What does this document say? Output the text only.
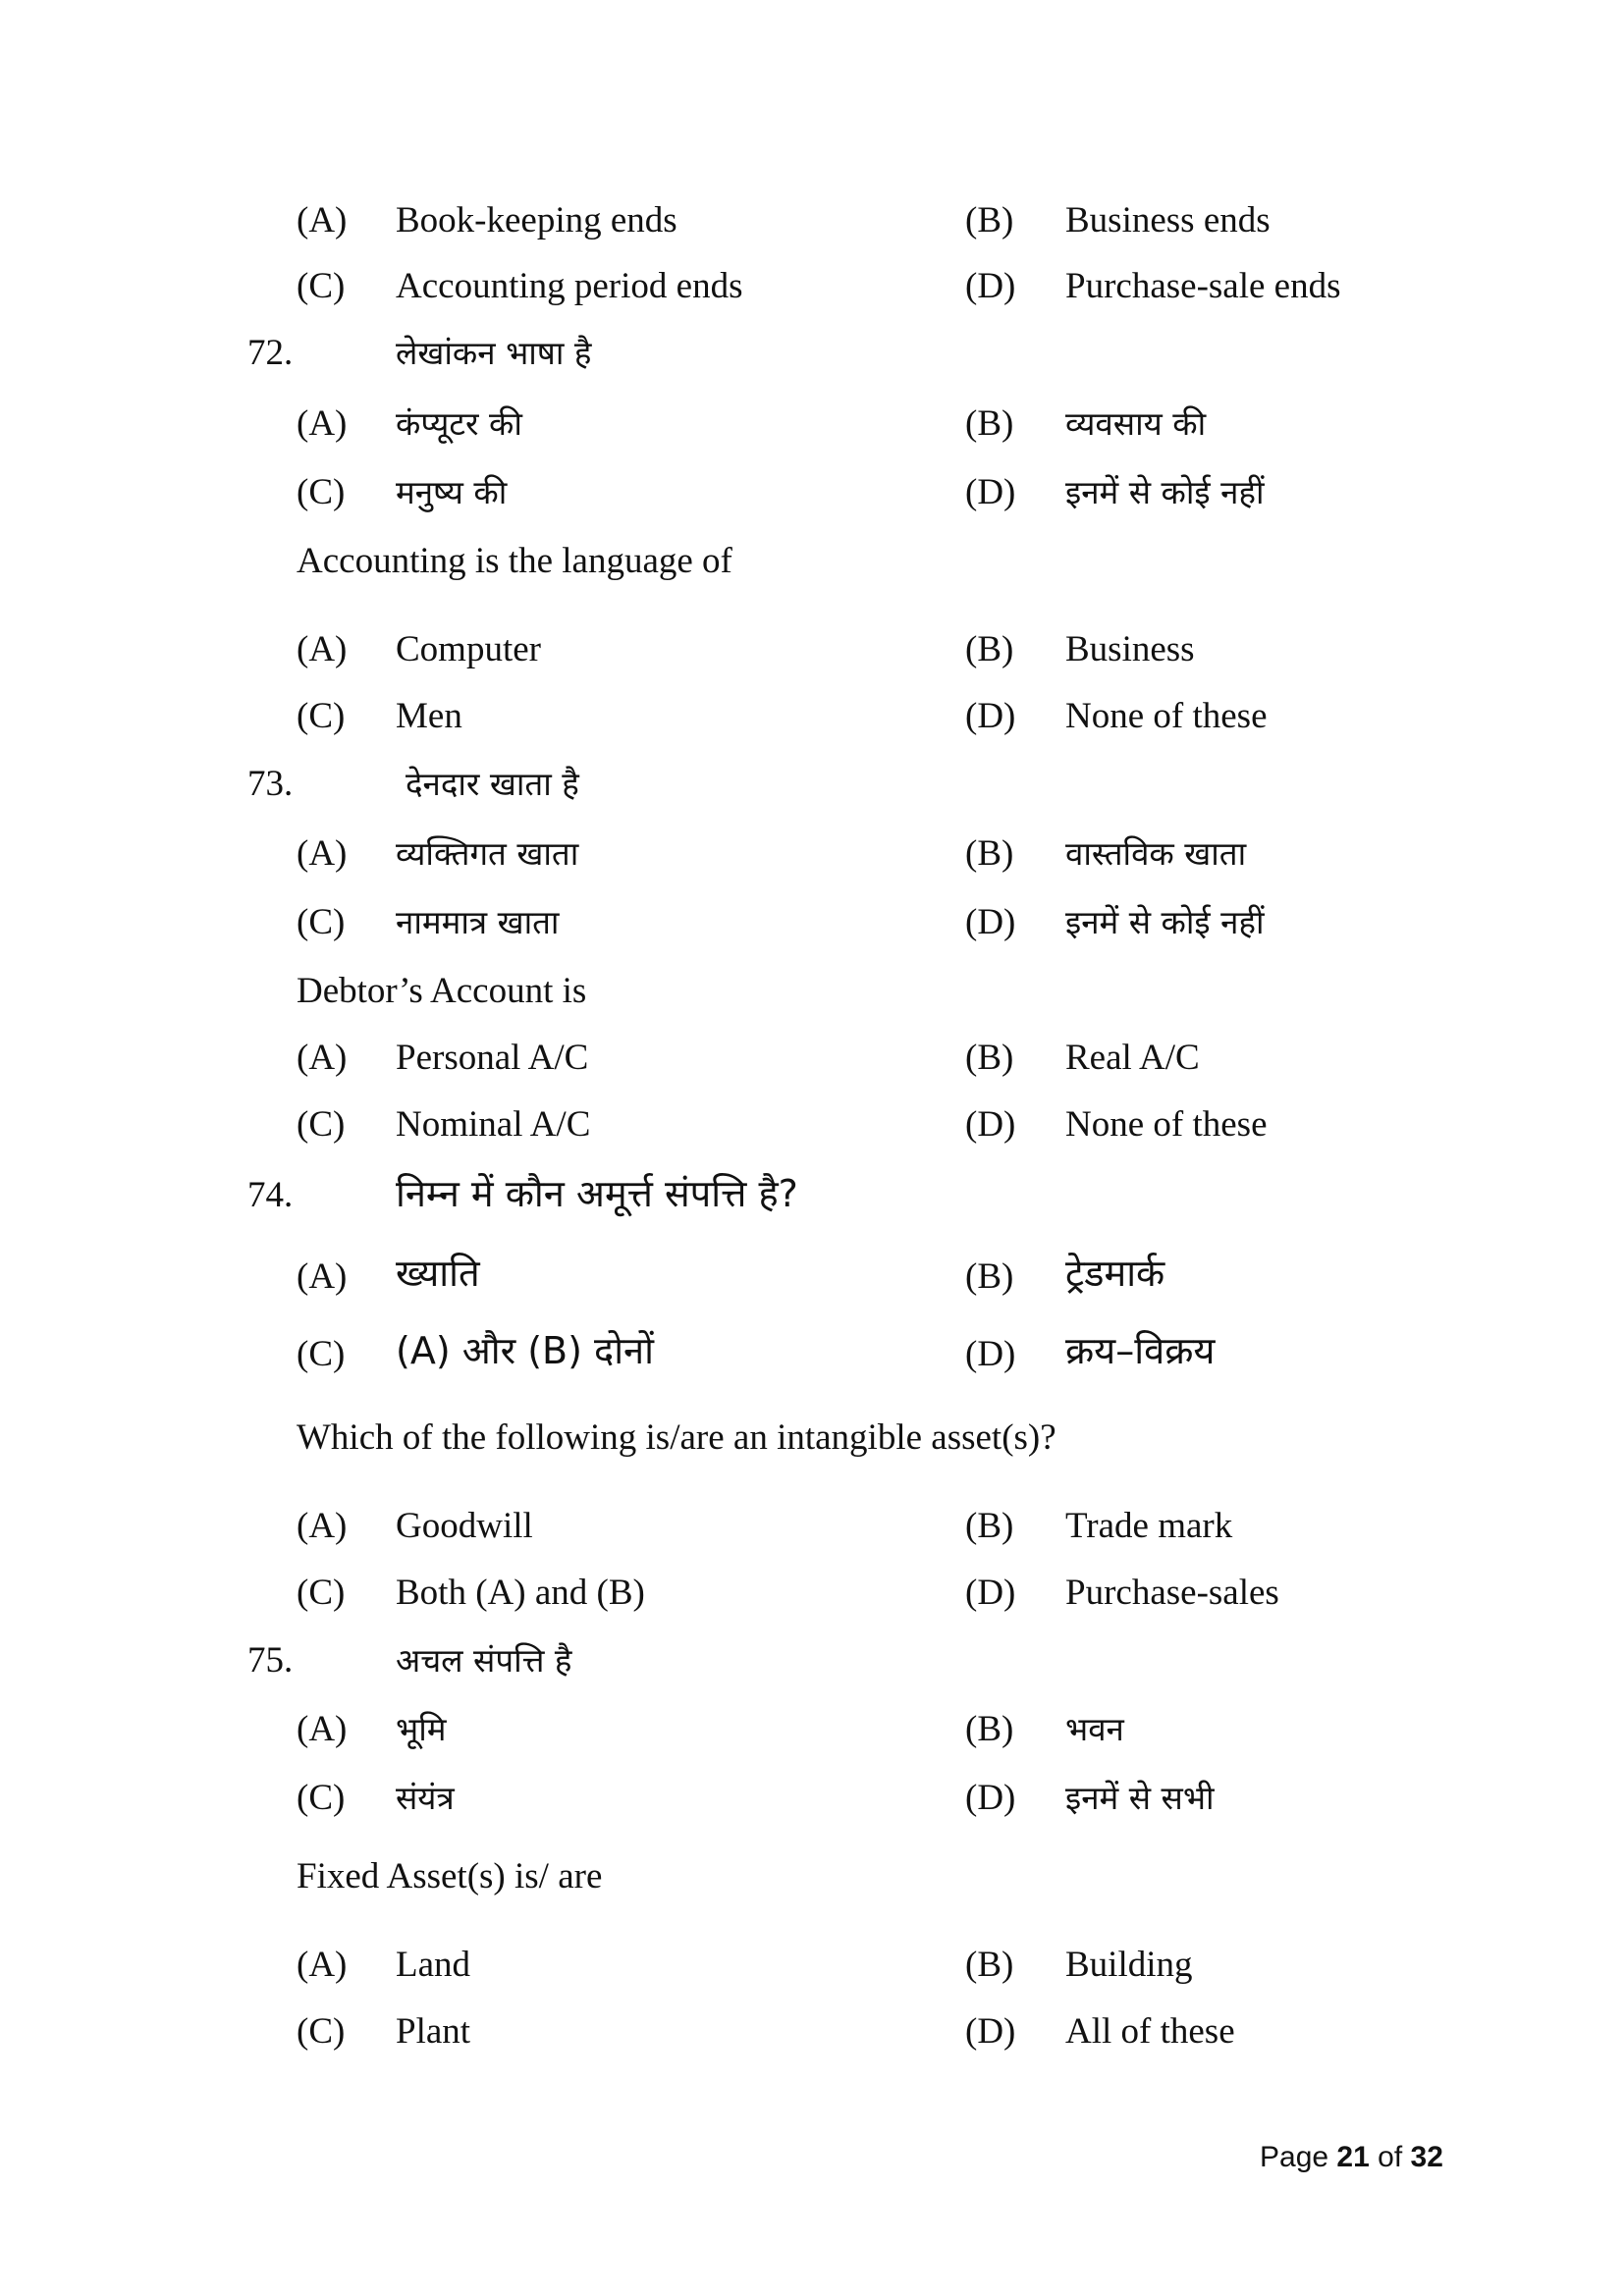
(A) Book-keeping ends	(B) Business ends
(C) Accounting period ends	(D) Purchase-sale ends
72.	लेखांकन भाषा है
(A) कंप्यूटर की	(B) व्यवसाय की
(C) मनुष्य की	(D) इनमें से कोई नहीं
Accounting is the language of
(A) Computer	(B) Business
(C) Men	(D) None of these
73.	देनदार खाता है
(A) व्यक्तिगत खाता	(B) वास्तविक खाता
(C) नाममात्र खाता	(D) इनमें से कोई नहीं
Debtor’s Account is
(A) Personal A/C	(B) Real A/C
(C) Nominal A/C	(D) None of these
74.	निम्न में कौन अमूर्त्त संपत्ति है?
(A) ख्याति	(B) ट्रेडमार्क
(C) (A) और (B) दोनों	(D) क्रय–विक्रय
Which of the following is/are an intangible asset(s)?
(A) Goodwill	(B) Trade mark
(C) Both (A) and (B)	(D) Purchase-sales
75.	अचल संपत्ति है
(A) भूमि	(B) भवन
(C) संयंत्र	(D) इनमें से सभी
Fixed Asset(s) is/ are
(A) Land	(B) Building
(C) Plant	(D) All of these
Page 21 of 32
